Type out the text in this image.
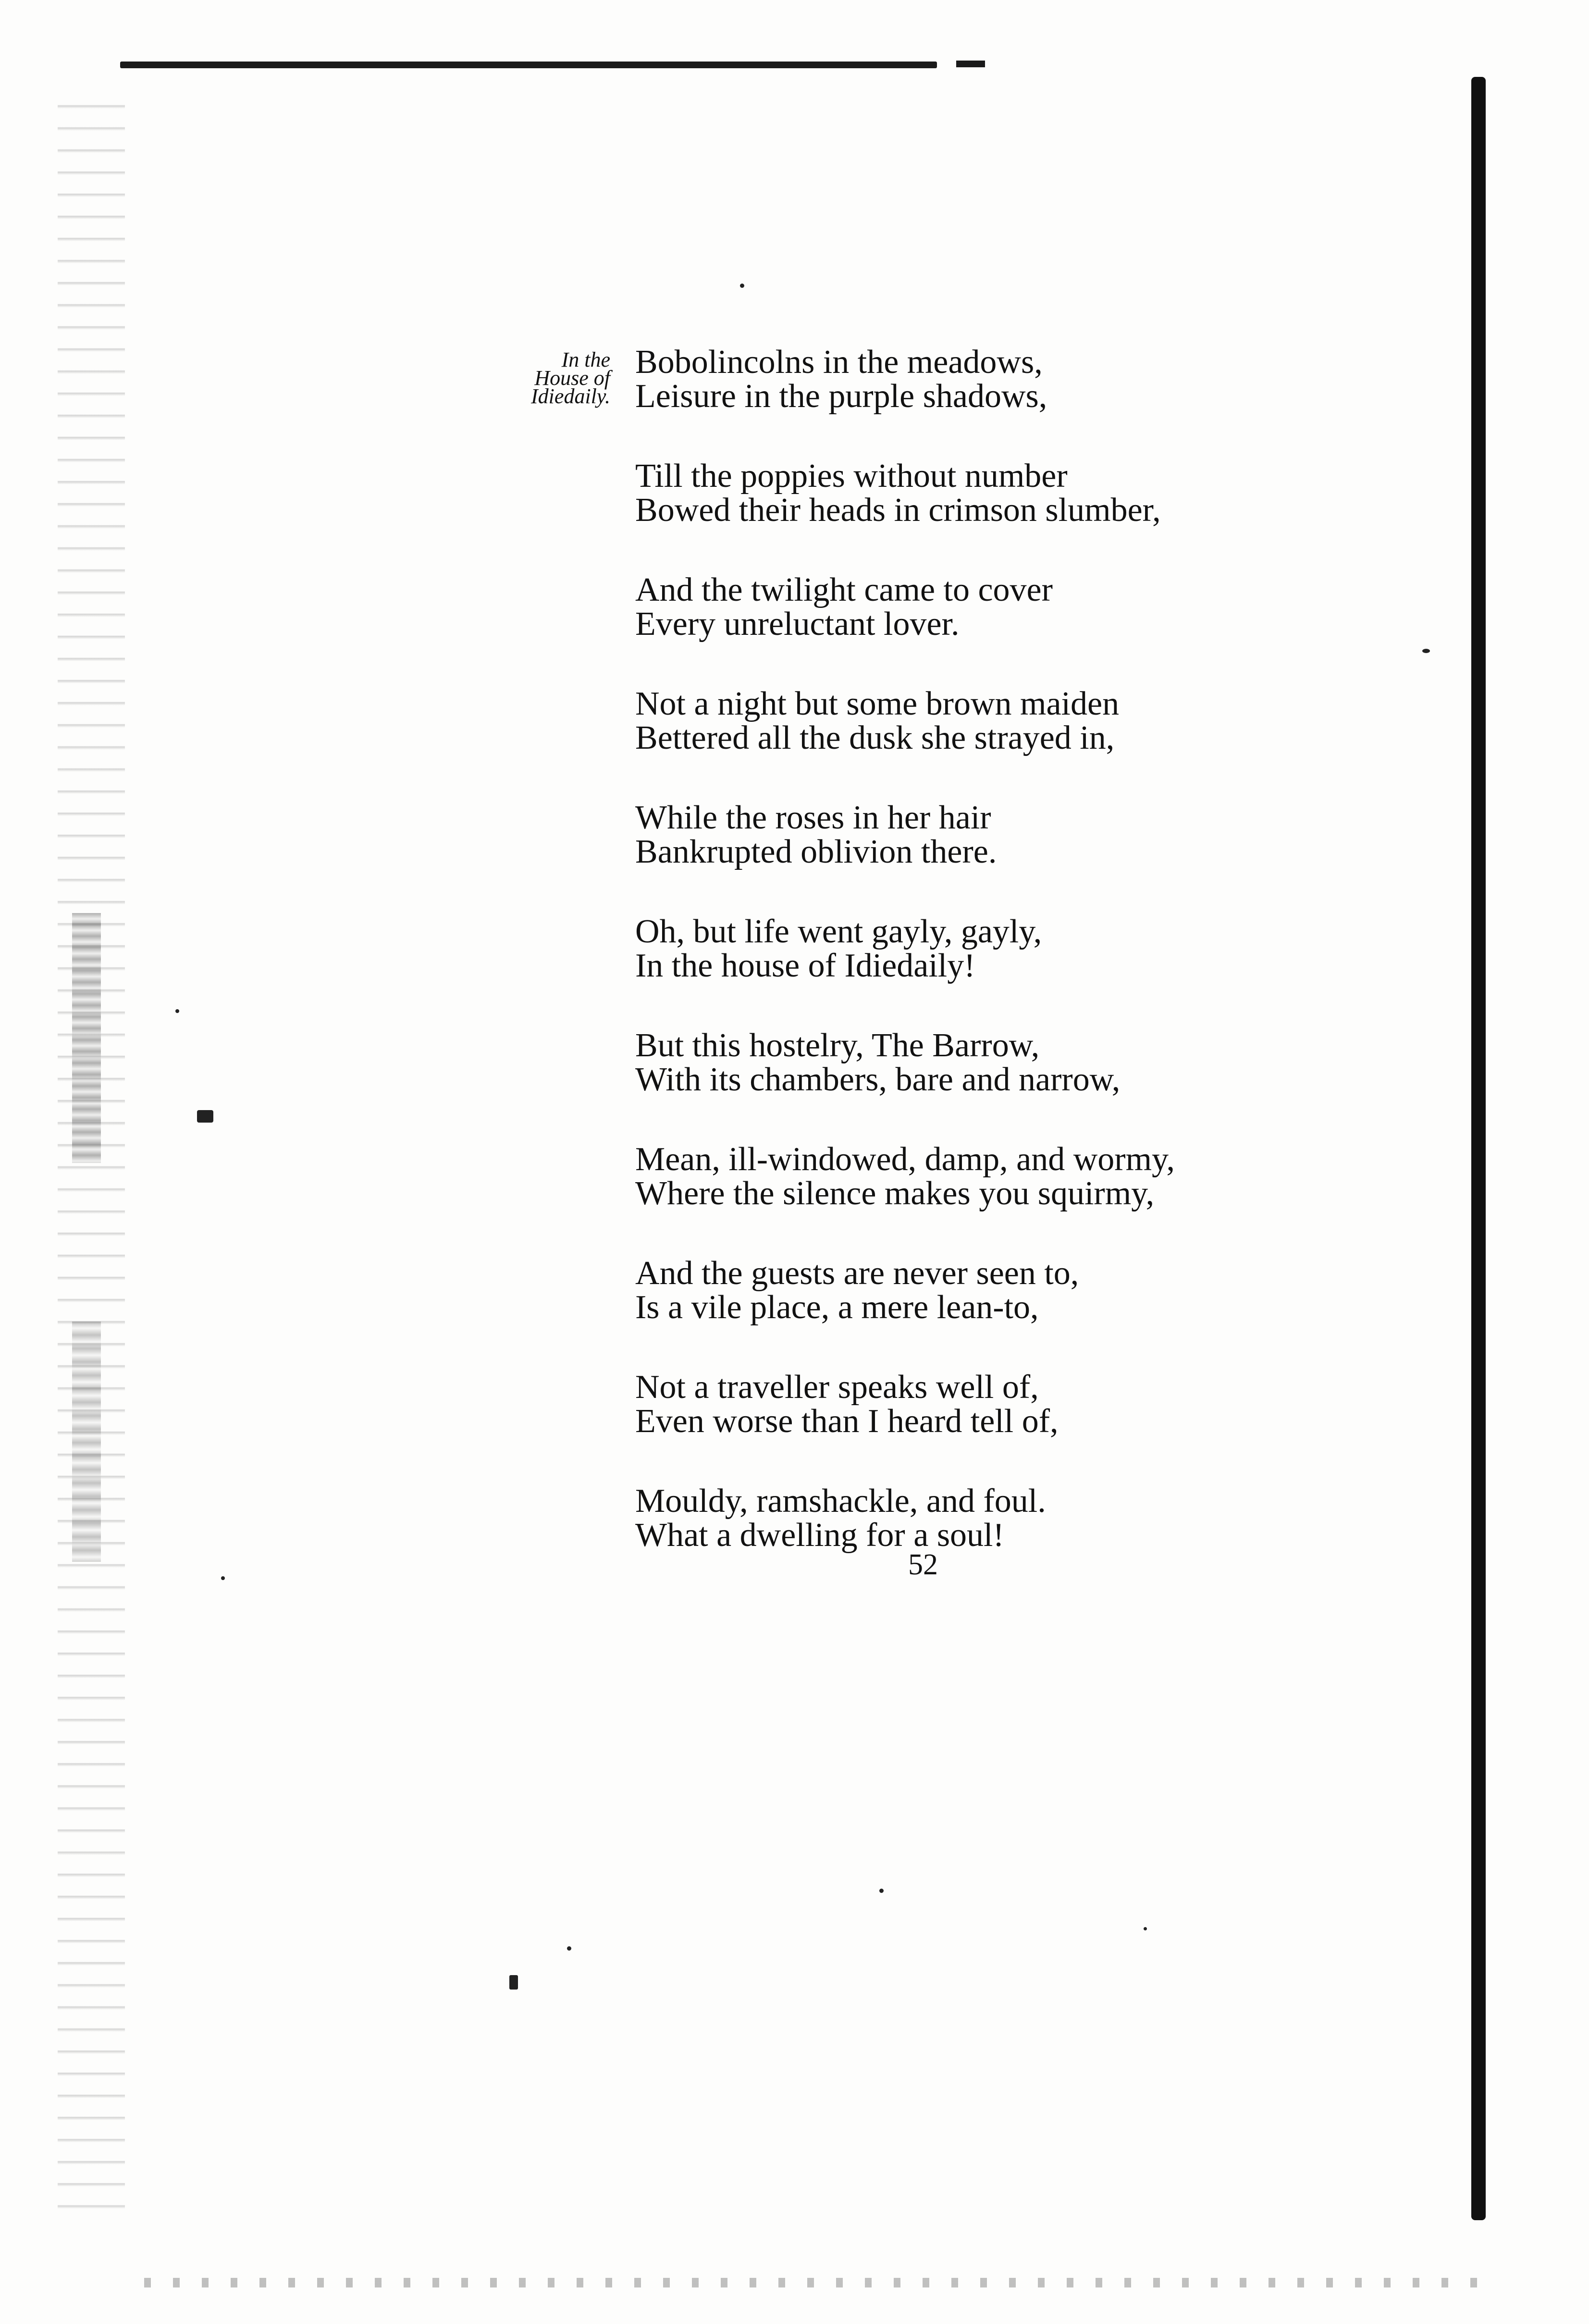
In the
House of
Idiedaily.
Bobolincolns in the meadows,
Leisure in the purple shadows,
Till the poppies without number
Bowed their heads in crimson slumber,
And the twilight came to cover
Every unreluctant lover.
Not a night but some brown maiden
Bettered all the dusk she strayed in,
While the roses in her hair
Bankrupted oblivion there.
Oh, but life went gayly, gayly,
In the house of Idiedaily!
But this hostelry, The Barrow,
With its chambers, bare and narrow,
Mean, ill-windowed, damp, and wormy,
Where the silence makes you squirmy,
And the guests are never seen to,
Is a vile place, a mere lean-to,
Not a traveller speaks well of,
Even worse than I heard tell of,
Mouldy, ramshackle, and foul.
What a dwelling for a soul!
52
